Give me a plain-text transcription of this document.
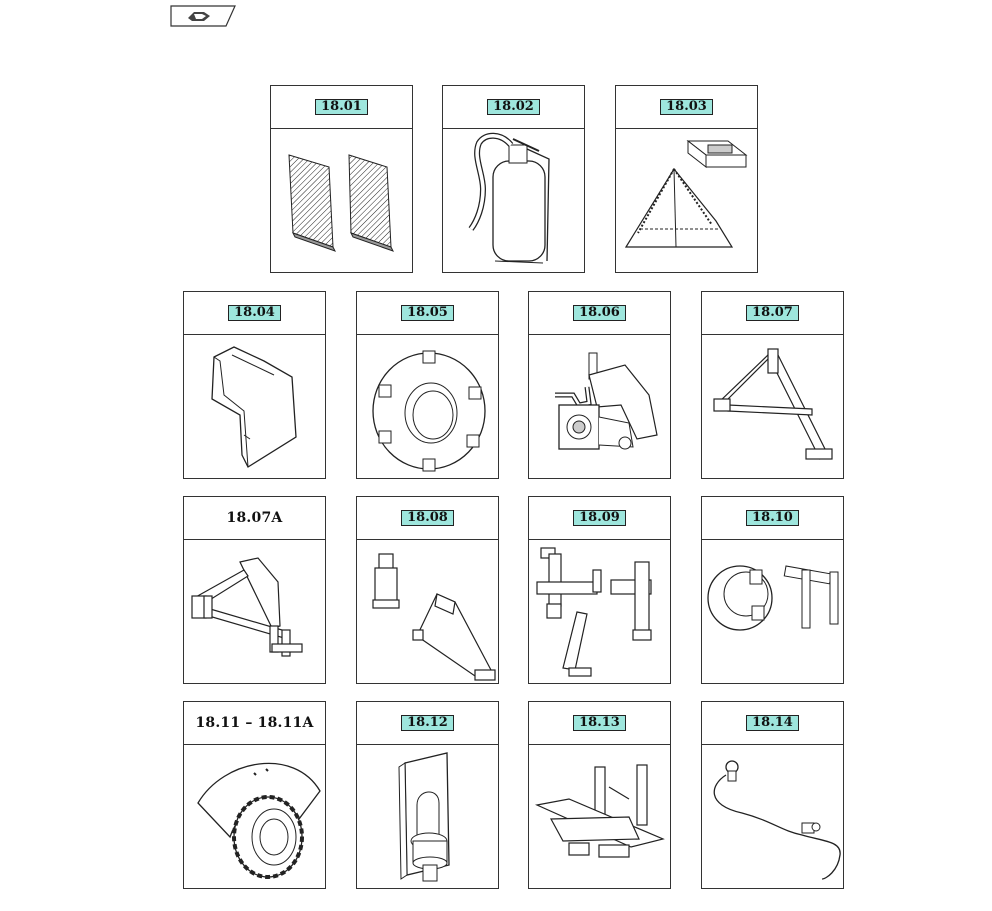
18.01	18.02	18.03
18.04	18.05	18.06	18.07
18.07A	18.08	18.09	18.10
18.11 – 18.11A	18.12	18.13	18.14
